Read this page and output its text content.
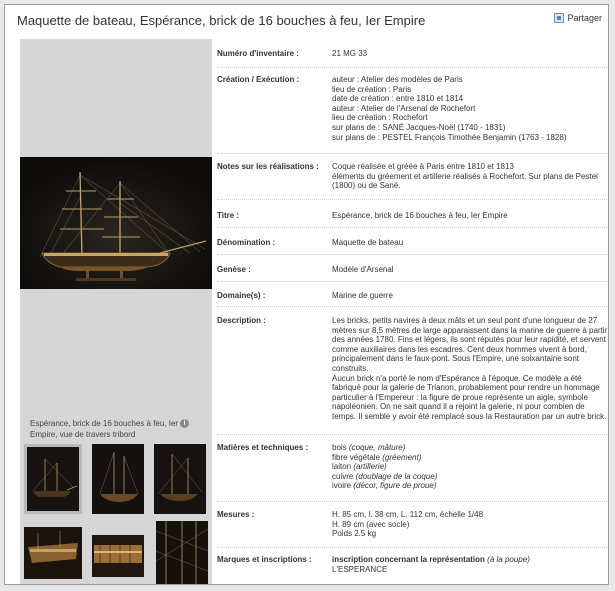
Maquette de bateau, Espérance, brick de 16 bouches à feu, Ier Empire	Partager
Espérance, brick de 16 bouches à feu, Ier Empire, vue de travers tribord
i
Numéro d'inventaire :	21 MG 33
Création / Exécution :	auteur : Atelier des modèles de Paris
lieu de création : Paris
date de création : entre 1810 et 1814
auteur : Atelier de l'Arsenal de Rochefort
lieu de création : Rochefort
sur plans de : SANÉ Jacques-Noël (1740 - 1831)
sur plans de : PESTEL François Timothée Benjamin (1763 - 1828)
Notes sur les réalisations :	Coque réalisée et gréée à Paris entre 1810 et 1813
éléments du gréement et artillerie réalisés à Rochefort. Sur plans de Pestel
(1800) ou de Sané.
Titre :	Espérance, brick de 16 bouches à feu, Ier Empire
Dénomination :	Maquette de bateau
Genèse :	Modèle d'Arsenal
Domaine(s) :	Marine de guerre
Description :	Les bricks, petits navires à deux mâts et un seul pont d'une longueur de 27
mètres sur 8,5 mètres de large apparaissent dans la marine de guerre à partir
des années 1780. Fins et légers, ils sont réputés pour leur rapidité, et servent
comme auxiliaires dans les escadres. Cent deux hommes vivent à bord,
principalement dans le faux-pont. Sous l'Empire, une soixantaine sont
construits.
Aucun brick n'a porté le nom d'Espérance à l'époque. Ce modèle a été
fabriqué pour la galerie de Trianon, probablement pour rendre un hommage
particulier à l'Empereur : la figure de proue représente un aigle, symbole
napoléonien. On ne sait quand il a rejoint la galerie, ni pour combien de
temps. Il semble y avoir été remplacé sous la Restauration par un autre brick.
Matières et techniques :	bois (coque, mâture)
fibre végétale (gréement)
laiton (artillerie)
cuivre (doublage de la coque)
ivoire (décor, figure de proue)
Mesures :	H. 85 cm, l. 38 cm, L. 112 cm, échelle 1/48
H. 89 cm (avec socle)
Poids 2.5 kg
Marques et inscriptions :	inscription concernant la représentation (à la poupe)
L'ESPERANCE
